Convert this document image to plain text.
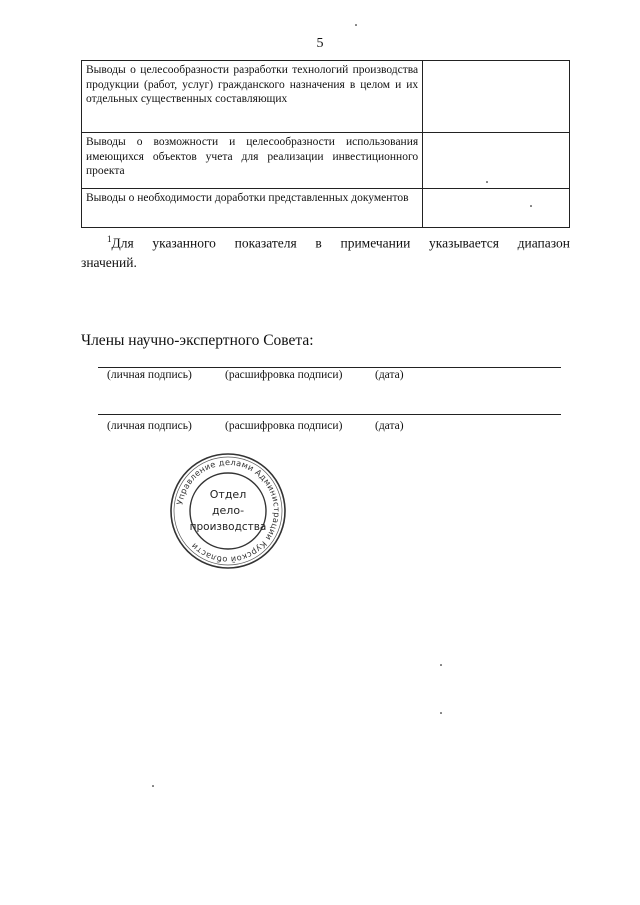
5
Выводы о целесообразности разработки технологий производства продукции (работ, услуг) гражданского назначения в целом и их отдельных существенных составляющих	
Выводы о возможности и целесообразности использования имеющихся объектов учета для реализации инвестиционного проекта	
Выводы о необходимости доработки представленных документов	
$^1$Для указанного показателя в примечании указывается диапазон
значений.
Члены научно-экспертного Совета:
(личная подпись)	(расшифровка подписи)	(дата)
(личная подпись)	(расшифровка подписи)	(дата)
Управление делами Администрации Курской области
Отдел
дело-
производства
